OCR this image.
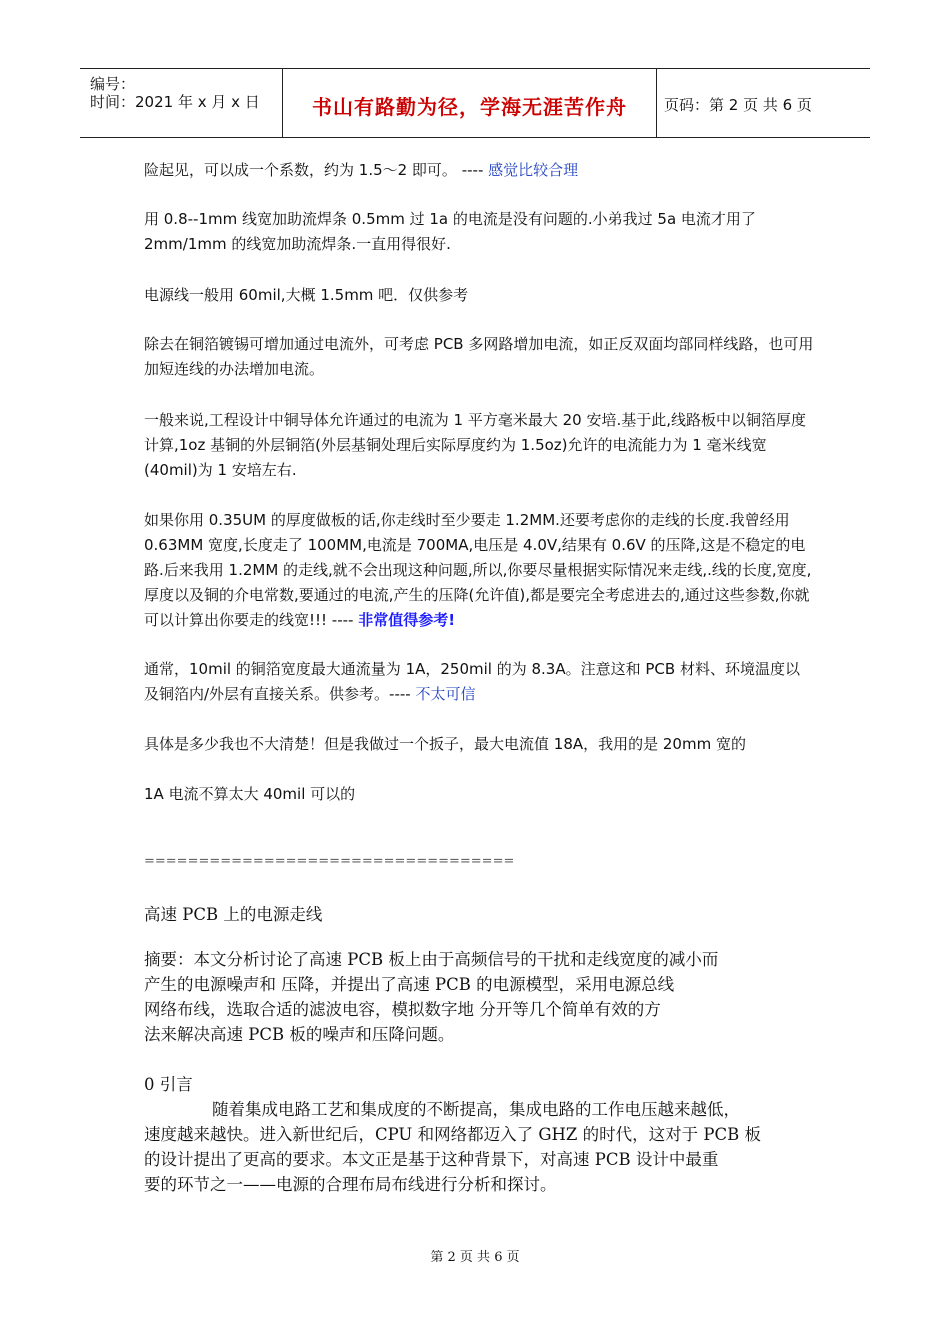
编号：
时间：2021 年 x 月 x 日	书山有路勤为径，学海无涯苦作舟	页码：第 2 页 共 6 页
险起见，可以成一个系数，约为 1.5～2 即可。 ---- 感觉比较合理
用 0.8--1mm 线宽加助流焊条 0.5mm 过 1a 的电流是没有问题的.小弟我过 5a 电流才用了 2mm/1mm 的线宽加助流焊条.一直用得很好.
电源线一般用 60mil,大概 1.5mm 吧．仅供参考
除去在铜箔镀锡可增加通过电流外，可考虑 PCB 多网路增加电流，如正反双面均部同样线路，也可用加短连线的办法增加电流。
一般来说,工程设计中铜导体允许通过的电流为 1 平方毫米最大 20 安培.基于此,线路板中以铜箔厚度计算,1oz 基铜的外层铜箔(外层基铜处理后实际厚度约为 1.5oz)允许的电流能力为 1 毫米线宽(40mil)为 1 安培左右.
如果你用 0.35UM 的厚度做板的话,你走线时至少要走 1.2MM.还要考虑你的走线的长度.我曾经用 0.63MM 宽度,长度走了 100MM,电流是 700MA,电压是 4.0V,结果有 0.6V 的压降,这是不稳定的电路.后来我用 1.2MM 的走线,就不会出现这种问题,所以,你要尽量根据实际情况来走线,.线的长度,宽度,厚度以及铜的介电常数,要通过的电流,产生的压降(允许值),都是要完全考虑进去的,通过这些参数,你就可以计算出你要走的线宽!!! ---- 非常值得参考!
通常，10mil 的铜箔宽度最大通流量为 1A，250mil 的为 8.3A。注意这和 PCB 材料、环境温度以及铜箔内/外层有直接关系。供参考。---- 不太可信
具体是多少我也不大清楚！但是我做过一个扳子，最大电流值 18A，我用的是 20mm 宽的
1A 电流不算太大 40mil 可以的
==================================
高速 PCB 上的电源走线
摘要：本文分析讨论了高速 PCB 板上由于高频信号的干扰和走线宽度的减小而
产生的电源噪声和 压降，并提出了高速 PCB 的电源模型，采用电源总线
网络布线，选取合适的滤波电容，模拟数字地 分开等几个简单有效的方
法来解决高速 PCB 板的噪声和压降问题。
0 引言
随着集成电路工艺和集成度的不断提高，集成电路的工作电压越来越低，
速度越来越快。进入新世纪后，CPU 和网络都迈入了 GHZ 的时代，这对于 PCB 板
的设计提出了更高的要求。本文正是基于这种背景下，对高速 PCB 设计中最重
要的环节之一——电源的合理布局布线进行分析和探讨。
第 2 页 共 6 页
